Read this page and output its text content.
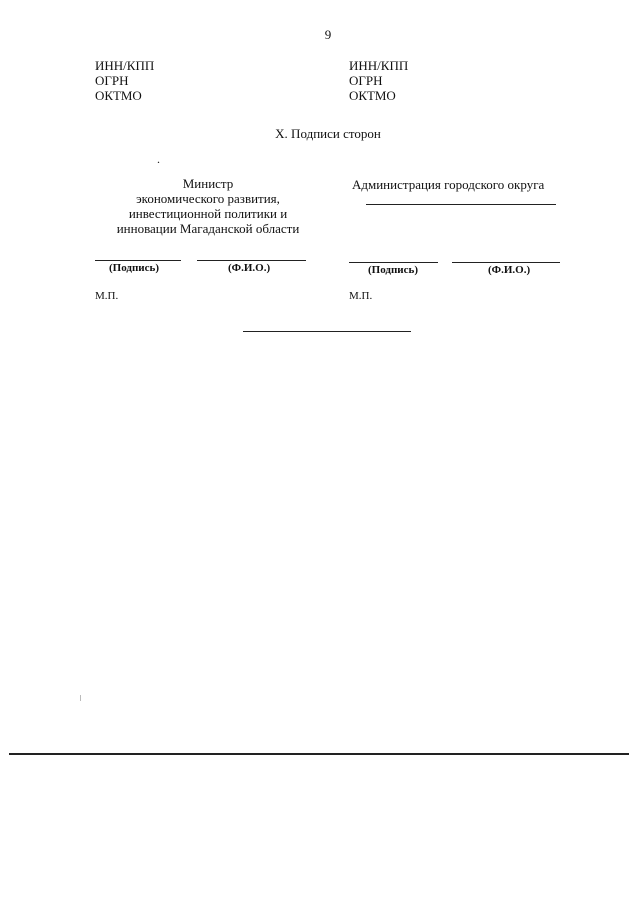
9
ИНН/КПП
ОГРН
ОКТМО
ИНН/КПП
ОГРН
ОКТМО
X. Подписи сторон
.
Министр
экономического развития,
инвестиционной политики и
инновации Магаданской области
(Подпись)	(Ф.И.О.)
М.П.
Администрация городского округа
(Подпись)	(Ф.И.О.)
М.П.
